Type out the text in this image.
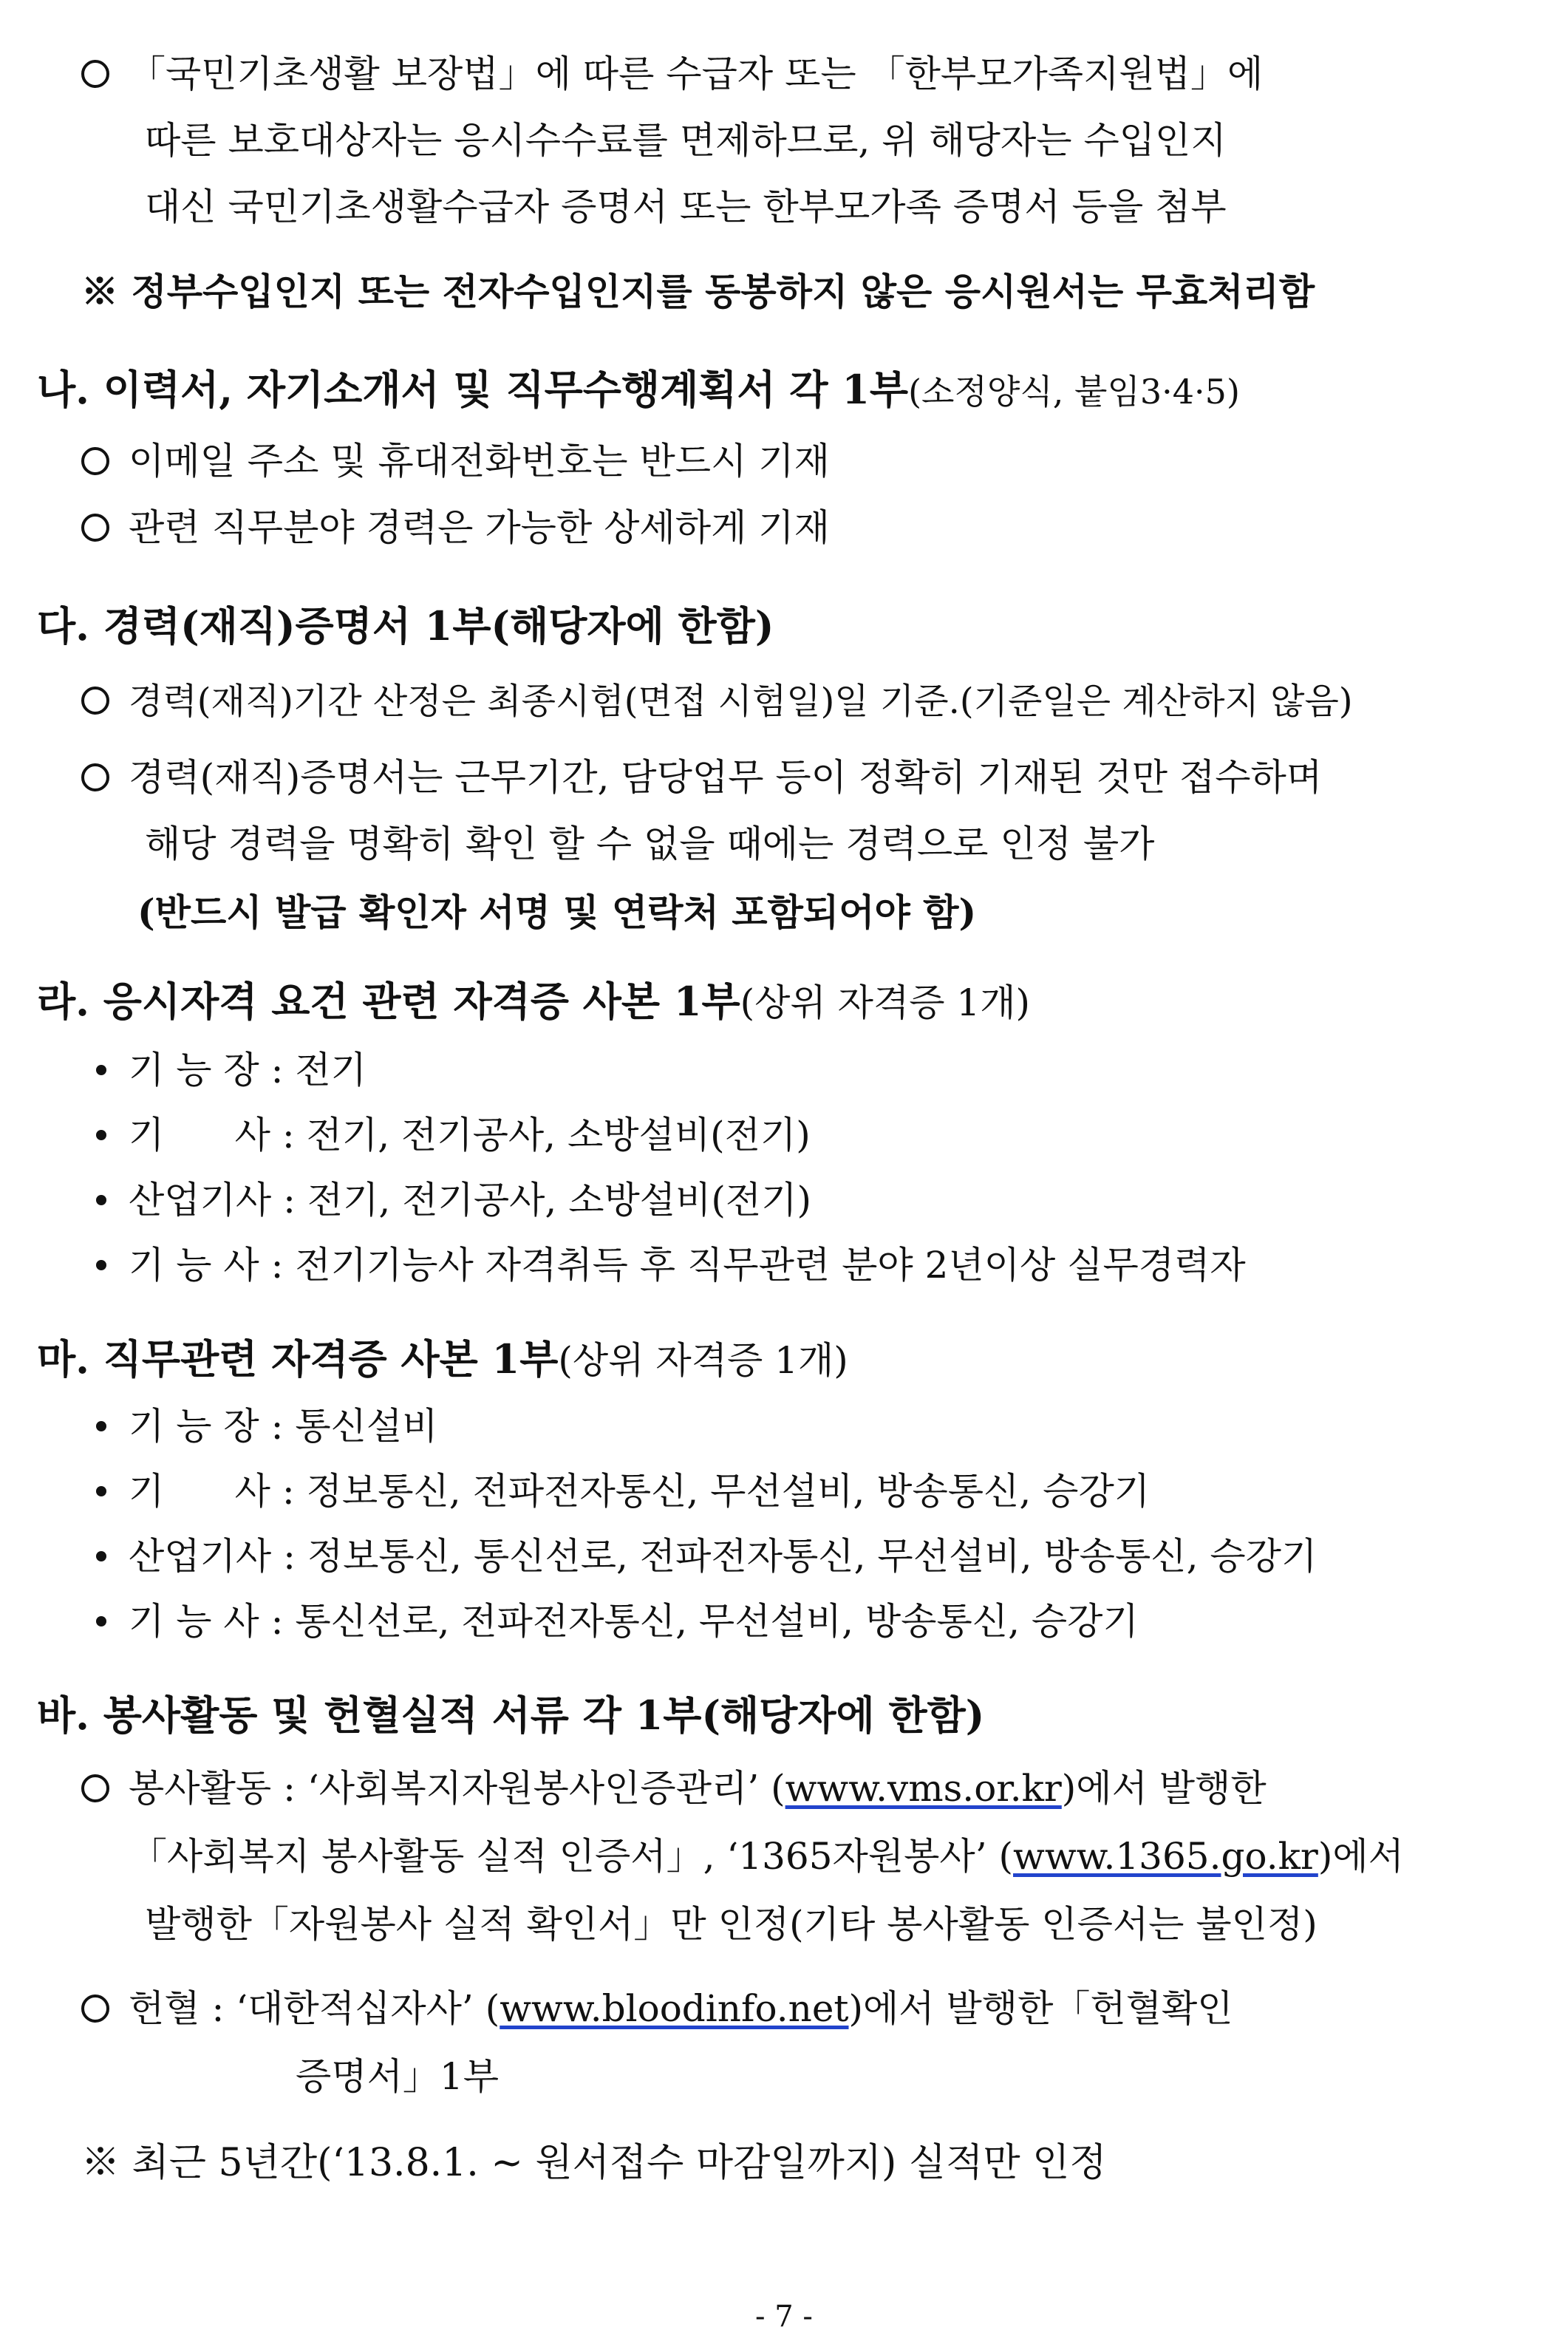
「국민기초생활 보장법」에 따른 수급자 또는 「한부모가족지원법」에
따른 보호대상자는 응시수수료를 면제하므로, 위 해당자는 수입인지
대신 국민기초생활수급자 증명서 또는 한부모가족 증명서 등을 첨부
※ 정부수입인지 또는 전자수입인지를 동봉하지 않은 응시원서는 무효처리함
나. 이력서, 자기소개서 및 직무수행계획서 각 1부(소정양식, 붙임3·4·5)
이메일 주소 및 휴대전화번호는 반드시 기재
관련 직무분야 경력은 가능한 상세하게 기재
다. 경력(재직)증명서 1부(해당자에 한함)
경력(재직)기간 산정은 최종시험(면접 시험일)일 기준.(기준일은 계산하지 않음)
경력(재직)증명서는 근무기간, 담당업무 등이 정확히 기재된 것만 접수하며
해당 경력을 명확히 확인 할 수 없을 때에는 경력으로 인정 불가
(반드시 발급 확인자 서명 및 연락처 포함되어야 함)
라. 응시자격 요건 관련 자격증 사본 1부(상위 자격증 1개)
기 능 장 : 전기
기      사 : 전기, 전기공사, 소방설비(전기)
산업기사 : 전기, 전기공사, 소방설비(전기)
기 능 사 : 전기기능사 자격취득 후 직무관련 분야 2년이상 실무경력자
마. 직무관련 자격증 사본 1부(상위 자격증 1개)
기 능 장 : 통신설비
기      사 : 정보통신, 전파전자통신, 무선설비, 방송통신, 승강기
산업기사 : 정보통신, 통신선로, 전파전자통신, 무선설비, 방송통신, 승강기
기 능 사 : 통신선로, 전파전자통신, 무선설비, 방송통신, 승강기
바. 봉사활동 및 헌혈실적 서류 각 1부(해당자에 한함)
봉사활동 : ‘사회복지자원봉사인증관리’ (www.vms.or.kr)에서 발행한
「사회복지 봉사활동 실적 인증서」, ‘1365자원봉사’ (www.1365.go.kr)에서
발행한「자원봉사 실적 확인서」만 인정(기타 봉사활동 인증서는 불인정)
헌혈 : ‘대한적십자사’ (www.bloodinfo.net)에서 발행한「헌혈확인
증명서」1부
※ 최근 5년간(‘13.8.1. ~ 원서접수 마감일까지) 실적만 인정
- 7 -
